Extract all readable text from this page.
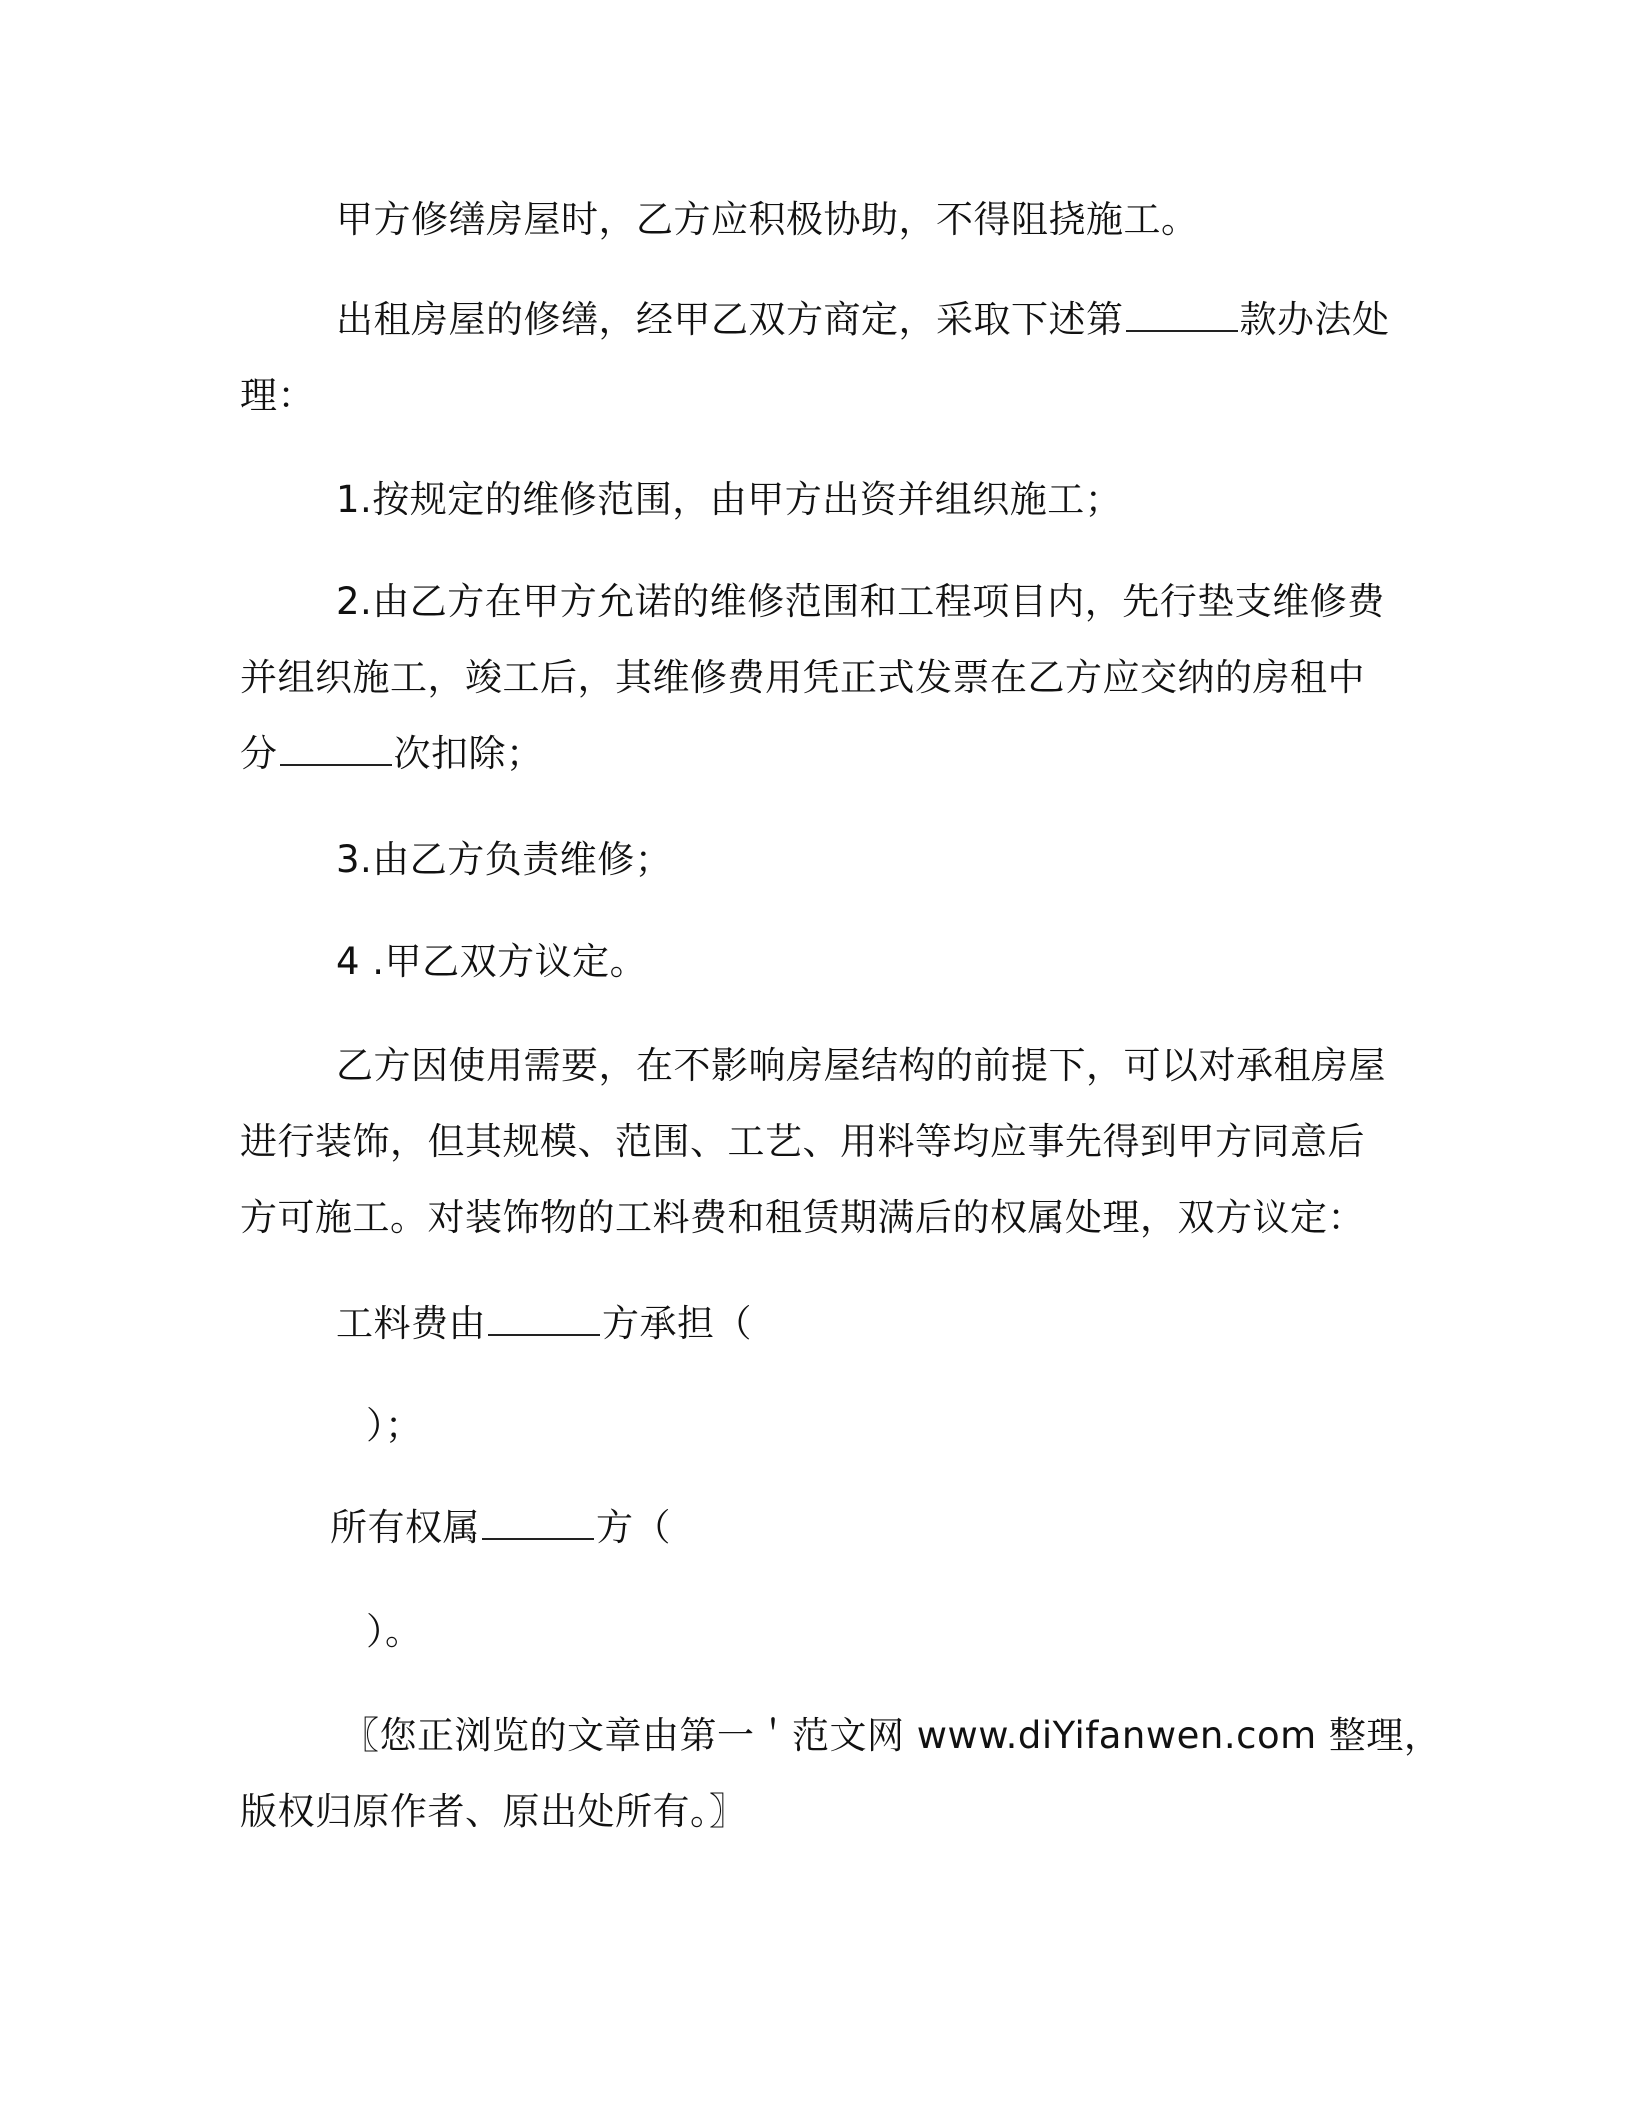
甲方修缮房屋时，乙方应积极协助，不得阻挠施工。
出租房屋的修缮，经甲乙双方商定，采取下述第	款办法处
理：
1.按规定的维修范围，由甲方出资并组织施工；
2.由乙方在甲方允诺的维修范围和工程项目内，先行垫支维修费
并组织施工，竣工后，其维修费用凭正式发票在乙方应交纳的房租中
分	次扣除；
3.由乙方负责维修；
4 .甲乙双方议定。
乙方因使用需要，在不影响房屋结构的前提下，可以对承租房屋
进行装饰，但其规模、范围、工艺、用料等均应事先得到甲方同意后
方可施工。对装饰物的工料费和租赁期满后的权属处理，双方议定：
工料费由	方承担（
）；
所有权属	方（
）。
〖您正浏览的文章由第一＇范文网 www.diYifanwen.com 整理，
版权归原作者、原出处所有。〗
